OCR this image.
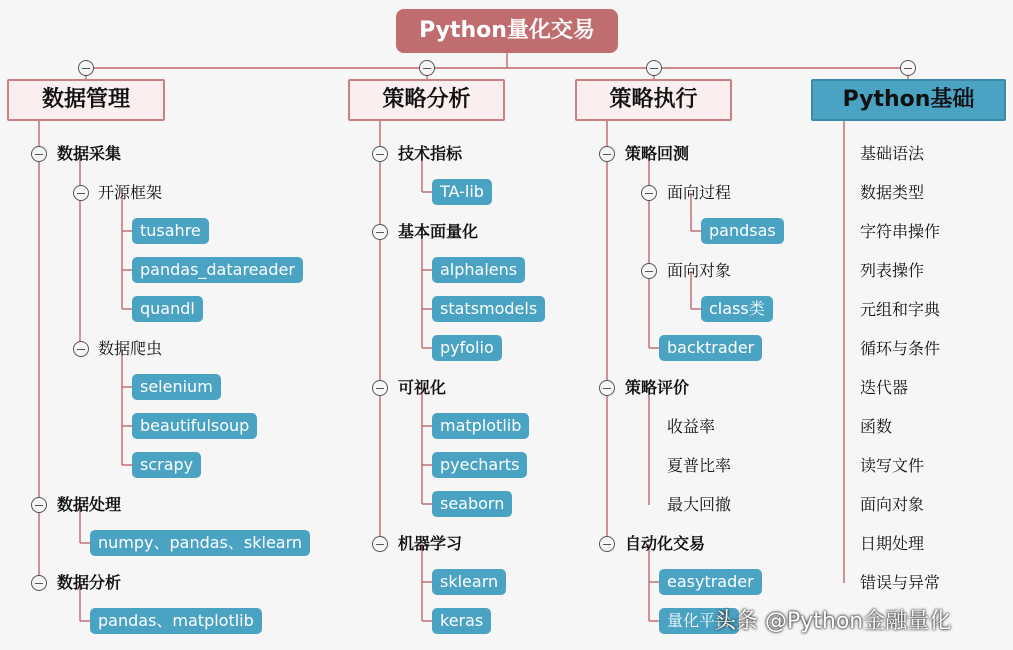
Python量化交易
数据管理	策略分析	策略执行	Python基础
数据采集
开源框架
tusahre
pandas_datareader
quandl
数据爬虫
selenium
beautifulsoup
scrapy
数据处理
numpy、pandas、sklearn
数据分析
pandas、matplotlib
技术指标
TA-lib
基本面量化
alphalens
statsmodels
pyfolio
可视化
matplotlib
pyecharts
seaborn
机器学习
sklearn
keras
策略回测
面向过程
pandsas
面向对象
class类
backtrader
策略评价
收益率
夏普比率
最大回撤
自动化交易
easytrader
量化平台
基础语法
数据类型
字符串操作
列表操作
元组和字典
循环与条件
迭代器
函数
读写文件
面向对象
日期处理
错误与异常
头条 @Python金融量化
